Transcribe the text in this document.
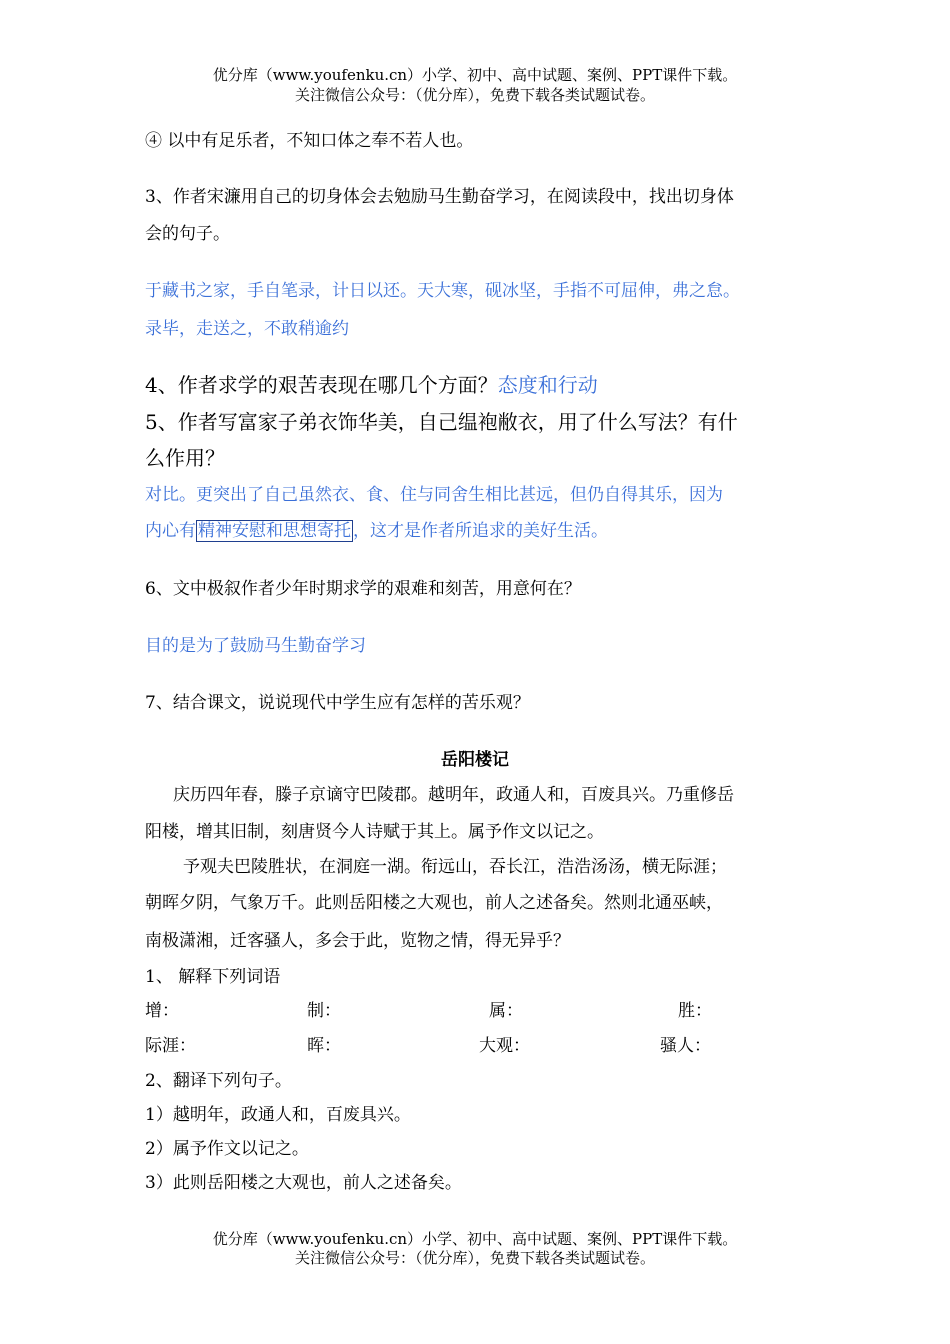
优分库（www.youfenku.cn）小学、初中、高中试题、案例、PPT课件下载。
关注微信公众号：（优分库），免费下载各类试题试卷。
④ 以中有足乐者，不知口体之奉不若人也。
3、作者宋濂用自己的切身体会去勉励马生勤奋学习，在阅读段中，找出切身体
会的句子。
于藏书之家，手自笔录，计日以还。天大寒，砚冰坚，手指不可屈伸，弗之怠。
录毕，走送之，不敢稍逾约
4、作者求学的艰苦表现在哪几个方面？态度和行动
5、作者写富家子弟衣饰华美，自己缊袍敝衣，用了什么写法？有什
么作用？
对比。更突出了自己虽然衣、食、住与同舍生相比甚远，但仍自得其乐，因为
内心有 精神安慰和思想寄托 ，这才是作者所追求的美好生活。
6、文中极叙作者少年时期求学的艰难和刻苦，用意何在？
目的是为了鼓励马生勤奋学习
7、结合课文，说说现代中学生应有怎样的苦乐观？
岳阳楼记
庆历四年春，滕子京谪守巴陵郡。越明年，政通人和，百废具兴。乃重修岳
阳楼，增其旧制，刻唐贤今人诗赋于其上。属予作文以记之。
予观夫巴陵胜状，在洞庭一湖。衔远山，吞长江，浩浩汤汤，横无际涯；
朝晖夕阴，气象万千。此则岳阳楼之大观也，前人之述备矣。然则北通巫峡，
南极潇湘，迁客骚人，多会于此，览物之情，得无异乎？
1、 解释下列词语
增：	制：	属：	胜：
际涯：	晖：	大观：	骚人：
2、翻译下列句子。
1）越明年，政通人和，百废具兴。
2）属予作文以记之。
3）此则岳阳楼之大观也，前人之述备矣。
优分库（www.youfenku.cn）小学、初中、高中试题、案例、PPT课件下载。
关注微信公众号：（优分库），免费下载各类试题试卷。
